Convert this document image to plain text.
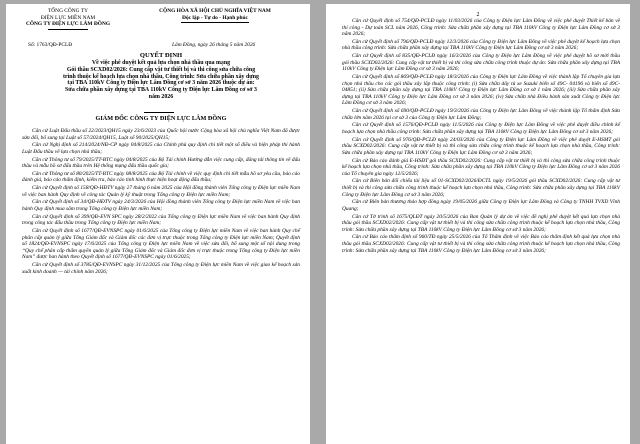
TỔNG CÔNG TY
ĐIỆN LỰC MIỀN NAM
CÔNG TY ĐIỆN LỰC LÂM ĐỒNG
CỘNG HÒA XÃ HỘI CHỦ NGHĨA VIỆT NAM
Độc lập - Tự do - Hạnh phúc
Số: 1763/QĐ-PCLĐ	Lâm Đồng, ngày 26 tháng 5 năm 2026
QUYẾT ĐỊNH
Về việc phê duyệt kết quả lựa chọn nhà thầu qua mạng
Gói thầu SCXD02/2026: Cung cấp vật tư thiết bị và thi công sửa chữa công
trình thuộc kế hoạch lựa chọn nhà thầu, Công trình: Sửa chữa phần xây dựng
tại TBA 110kV Công ty Điện lực Lâm Đồng cơ sở 3 năm 2026 thuộc dự án:
Sửa chữa phần xây dựng tại TBA 110kV Công ty Điện lực Lâm Đồng cơ sở 3
năm 2026
GIÁM ĐỐC CÔNG TY ĐIỆN LỰC LÂM ĐỒNG

Căn cứ Luật Đấu thầu số 22/2023/QH15 ngày 23/6/2023 của Quốc hội nước Cộng hòa xã hội chủ nghĩa Việt Nam đã được sửa đổi, bổ sung tại Luật số 57/2024/QH15, Luật số 90/2025/QH15;

Căn cứ Nghị định số 214/2024/NĐ-CP ngày 04/8/2025 của Chính phủ quy định chi tiết một số điều và biện pháp thi hành Luật Đấu thầu về lựa chọn nhà thầu;

Căn cứ Thông tư số 79/2025/TT-BTC ngày 04/8/2025 của Bộ Tài chính Hướng dẫn việc cung cấp, đăng tải thông tin về đấu thầu và mẫu hồ sơ đấu thầu trên Hệ thống mạng đấu thầu quốc gia;

Căn cứ Thông tư số 80/2025/TT-BTC ngày 08/8/2025 của Bộ Tài chính về việc quy định chi tiết mẫu hồ sơ yêu cầu, báo cáo đánh giá, báo cáo thẩm định, kiểm tra, báo cáo tình hình thực hiện hoạt động đấu thầu;

Căn cứ Quyết định số 158/QĐ-HĐTV ngày 27 tháng 6 năm 2025 của Hội đồng thành viên Tổng công ty Điện lực miền Nam về việc ban hành Quy định về công tác Quản lý kỹ thuật trong Tổng công ty Điện lực miền Nam;

Căn cứ Quyết định số 34/QĐ-HĐTV ngày 24/3/2026 của Hội đồng thành viên Tổng công ty Điện lực miền Nam về việc ban hành Quy định mua sắm trong Tổng công ty Điện lực miền Nam;

Căn cứ Quyết định số 399/QĐ-EVN SPC ngày 28/2/2022 của Tổng công ty Điện lực miền Nam về việc ban hành Quy định trong công tác đấu thầu trong Tổng công ty Điện lực miền Nam;

Căn cứ Quyết định số 1677/QĐ-EVNSPC ngày 01/6/2025 của Tổng công ty Điện lực miền Nam về việc ban hành Quy chế phân cấp quản lý giữa Tổng Giám đốc và Giám đốc các đơn vị trực thuộc trong Tổng công ty Điện lực miền Nam; Quyết định số 1824/QĐ-EVNSPC ngày 17/6/2025 của Tổng công ty Điện lực miền Nam về việc sửa đổi, bổ sung một số nội dung trong “Quy chế phân cấp thẩm quyền quản lý giữa Tổng Giám đốc và Giám đốc đơn vị trực thuộc trong Tổng công ty Điện lực miền Nam” được ban hành theo Quyết định số 1677/QĐ-EVNSPC ngày 01/6/2025;

Căn cứ Quyết định số 3785/QĐ-EVNSPC ngày 31/12/2025 của Tổng công ty Điện lực miền Nam về việc giao kế hoạch sản xuất kinh doanh — tài chính năm 2026;

2

Căn cứ Quyết định số 754/QĐ-PCLĐ ngày 11/03/2026 của Công ty Điện lực Lâm Đồng về việc phê duyệt Thiết kế bản vẽ thi công - Dự toán SCL năm 2026, Công trình: Sửa chữa phần xây dựng tại TBA 110kV Công ty Điện lực Lâm Đồng cơ sở 3 năm 2026;

Căn cứ Quyết định số 796/QĐ-PCLĐ ngày 12/3/2026 của Công ty Điện lực Lâm Đồng về việc phê duyệt kế hoạch lựa chọn nhà thầu công trình: Sửa chữa phần xây dựng tại TBA 110kV Công ty Điện lực Lâm Đồng cơ sở 3 năm 2026;

Căn cứ Quyết định số 835/QĐ-PCLĐ ngày 16/3/2026 của Công ty Điện lực Lâm Đồng về việc phê duyệt hồ sơ mời thầu gói thầu SCXD02/2026: Cung cấp vật tư thiết bị và thi công sửa chữa công trình thuộc dự án: Sửa chữa phần xây dựng tại TBA 110kV Công ty Điện lực Lâm Đồng cơ sở 3 năm 2026;

Căn cứ Quyết định số 869/QĐ-PCLĐ ngày 18/3/2026 của Công ty Điện lực Lâm Đồng về việc thành lập Tổ chuyên gia lựa chọn nhà thầu cho các gói thầu xây lắp thuộc công trình: (i) Sửa chữa dãy tủ xe Suzuki biển số 49C- 04196 và biển số 49C- 04851; (ii) Sửa chữa phần xây dựng tại TBA 110kV Công ty Điện lực Lâm Đồng cơ sở 1 năm 2026; (iii) Sửa chữa phần xây dựng tại TBA 110kV Công ty Điện lực Lâm Đồng cơ sở 3 năm 2026; (iv) Sửa chữa nhà Điều hành sản xuất Công ty Điện lực Lâm Đồng cơ sở 3 năm 2026;

Căn cứ Quyết định số 690/QĐ-PCLĐ ngày 19/3/2026 của Công ty Điện lực Lâm Đồng về việc thành lập Tổ thẩm định Sửa chữa lớn năm 2026 tại cơ sở 3 của Công ty Điện lực Lâm Đồng;

Căn cứ Quyết định số 1576/QĐ-PCLĐ ngày 11/5/2026 của Công ty Điện lực Lâm Đồng về việc phê duyệt điều chỉnh kế hoạch lựa chọn nhà thầu công trình: Sửa chữa phần xây dựng tại TBA 110kV Công ty Điện lực Lâm Đồng cơ sở 3 năm 2026;

Căn cứ Quyết định số 976/QĐ-PCLĐ ngày 24/03/2026 của Công ty Điện lực Lâm Đồng về việc phê duyệt E-HSMT gói thầu SCXD02/2026: Cung cấp vật tư thiết bị và thi công sửa chữa công trình thuộc kế hoạch lựa chọn nhà thầu, Công trình: Sửa chữa phần xây dựng tại TBA 110kV Công ty Điện lực Lâm Đồng cơ sở 3 năm 2026;

Căn cứ Báo cáo đánh giá E-HSĐT gói thầu SCXD02/2026: Cung cấp vật tư thiết bị và thi công sửa chữa công trình thuộc kế hoạch lựa chọn nhà thầu, Công trình: Sửa chữa phần xây dựng tại TBA 110kV Công ty Điện lực Lâm Đồng cơ sở 3 năm 2026 của Tổ chuyên gia ngày 12/5/2026;

Căn cứ Biên bản đối chiếu tài liệu số 01-SCXD02/2026/ĐCTL ngày 19/5/2026 gói thầu SCXD02/2026: Cung cấp vật tư thiết bị và thi công sửa chữa công trình thuộc kế hoạch lựa chọn nhà thầu, Công trình: Sửa chữa phần xây dựng tại TBA 110kV Công ty Điện lực Lâm Đồng cơ sở 3 năm 2026;

Căn cứ Biên bản thương thảo hợp đồng ngày 19/05/2026 giữa Công ty Điện lực Lâm Đồng và Công ty TNHH TVXD Vĩnh Quang;

Căn cứ Tờ trình số 1675/QLĐT ngày 20/5/2026 của Ban Quản lý dự án về việc đề nghị phê duyệt kết quả lựa chọn nhà thầu gói thầu SCXD02/2026: Cung cấp vật tư thiết bị và thi công sửa chữa công trình thuộc kế hoạch lựa chọn nhà thầu, Công trình: Sửa chữa phần xây dựng tại TBA 110kV Công ty Điện lực Lâm Đồng cơ sở 3 năm 2026;

Căn cứ Báo cáo thẩm định số 960/TĐ ngày 25/5/2026 của Tổ Thẩm định về việc Báo cáo thẩm định kết quả lựa chọn nhà thầu gói thầu SCXD02/2026: Cung cấp vật tư thiết bị và thi công sửa chữa công trình thuộc kế hoạch lựa chọn nhà thầu, Công trình: Sửa chữa phần xây dựng tại TBA 110kV Công ty Điện lực Lâm Đồng cơ sở 3 năm 2026;
